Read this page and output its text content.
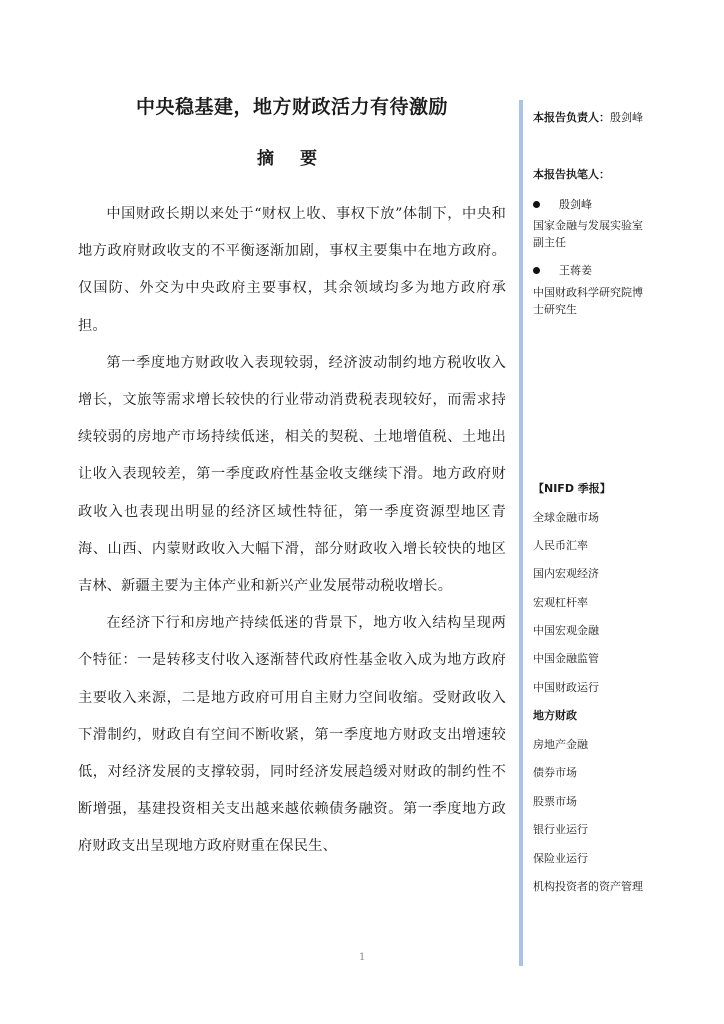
中央稳基建，地方财政活力有待激励
摘 要

中国财政长期以来处于“财权上收、事权下放”体制下，中央和地方政府财政收支的不平衡逐渐加剧，事权主要集中在地方政府。仅国防、外交为中央政府主要事权，其余领域均多为地方政府承担。

第一季度地方财政收入表现较弱，经济波动制约地方税收收入增长，文旅等需求增长较快的行业带动消费税表现较好，而需求持续较弱的房地产市场持续低迷，相关的契税、土地增值税、土地出让收入表现较差，第一季度政府性基金收支继续下滑。地方政府财政收入也表现出明显的经济区域性特征，第一季度资源型地区青海、山西、内蒙财政收入大幅下滑，部分财政收入增长较快的地区吉林、新疆主要为主体产业和新兴产业发展带动税收增长。

在经济下行和房地产持续低迷的背景下，地方收入结构呈现两个特征：一是转移支付收入逐渐替代政府性基金收入成为地方政府主要收入来源，二是地方政府可用自主财力空间收缩。受财政收入下滑制约，财政自有空间不断收紧，第一季度地方财政支出增速较低，对经济发展的支撑较弱，同时经济发展趋缓对财政的制约性不断增强，基建投资相关支出越来越依赖债务融资。第一季度地方政府财政支出呈现地方政府财重在保民生、

本报告负责人：殷剑峰
本报告执笔人：
殷剑峰
国家金融与发展实验室
副主任
王蒋姜
中国财政科学研究院博
士研究生
【NIFD 季报】
全球金融市场
人民币汇率
国内宏观经济
宏观杠杆率
中国宏观金融
中国金融监管
中国财政运行
地方财政
房地产金融
债券市场
股票市场
银行业运行
保险业运行
机构投资者的资产管理
1
